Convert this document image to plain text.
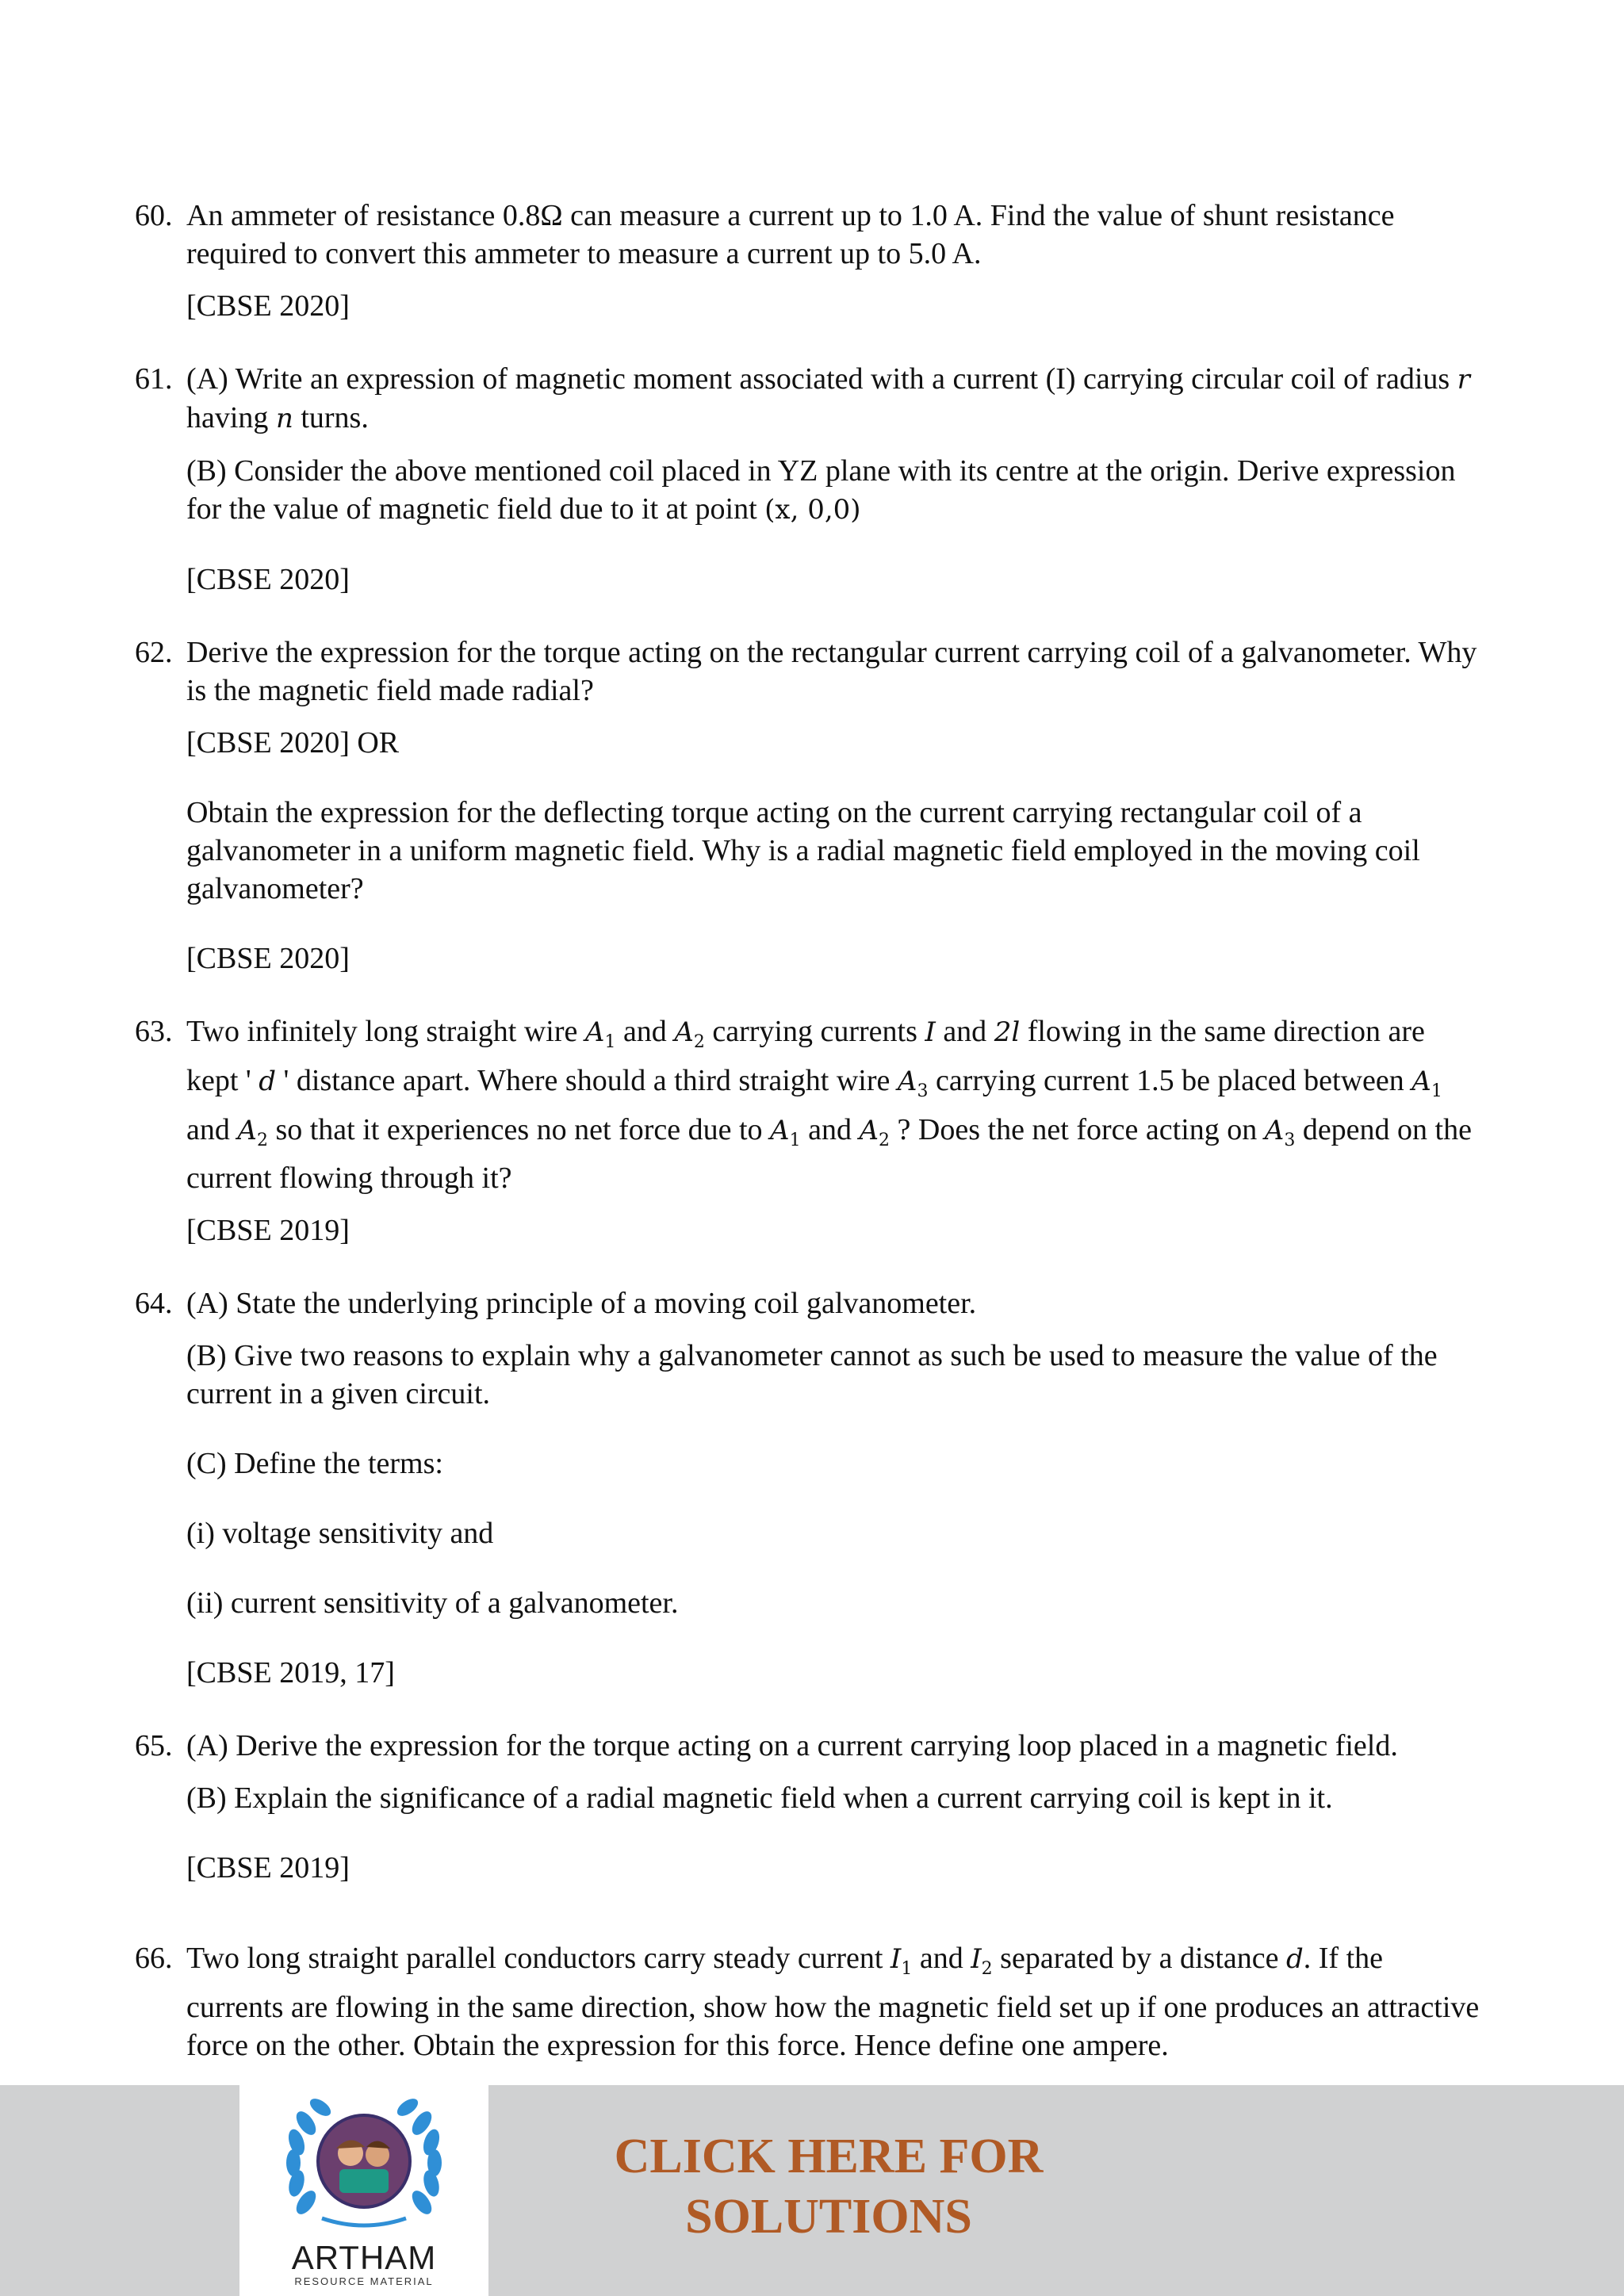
60. An ammeter of resistance 0.8Ω can measure a current up to 1.0 A. Find the value of shunt resistance required to convert this ammeter to measure a current up to 5.0 A.
[CBSE 2020]
61. (A) Write an expression of magnetic moment associated with a current (I) carrying circular coil of radius r having n turns.
(B) Consider the above mentioned coil placed in YZ plane with its centre at the origin. Derive expression for the value of magnetic field due to it at point (x, 0,0)
[CBSE 2020]
62. Derive the expression for the torque acting on the rectangular current carrying coil of a galvanometer. Why is the magnetic field made radial?
[CBSE 2020] OR
Obtain the expression for the deflecting torque acting on the current carrying rectangular coil of a galvanometer in a uniform magnetic field. Why is a radial magnetic field employed in the moving coil galvanometer?
[CBSE 2020]
63. Two infinitely long straight wire $A_1$ and $A_2$ carrying currents I and 2l flowing in the same direction are kept ' d ' distance apart. Where should a third straight wire $A_3$ carrying current 1.5 be placed between $A_1$ and $A_2$ so that it experiences no net force due to $A_1$ and $A_2$ ? Does the net force acting on $A_3$ depend on the current flowing through it?
[CBSE 2019]
64. (A) State the underlying principle of a moving coil galvanometer.
(B) Give two reasons to explain why a galvanometer cannot as such be used to measure the value of the current in a given circuit.
(C) Define the terms:
(i) voltage sensitivity and
(ii) current sensitivity of a galvanometer.
[CBSE 2019, 17]
65. (A) Derive the expression for the torque acting on a current carrying loop placed in a magnetic field.
(B) Explain the significance of a radial magnetic field when a current carrying coil is kept in it.
[CBSE 2019]
66. Two long straight parallel conductors carry steady current $I_1$ and $I_2$ separated by a distance d. If the currents are flowing in the same direction, show how the magnetic field set up if one produces an attractive force on the other. Obtain the expression for this force. Hence define one ampere.
ARTHAM
RESOURCE MATERIAL
CLICK HERE FOR
SOLUTIONS
